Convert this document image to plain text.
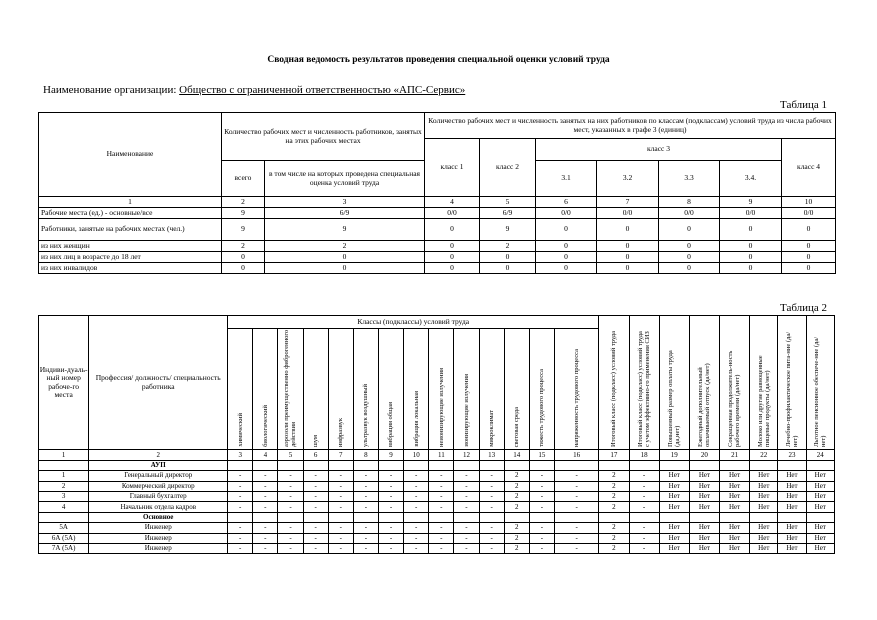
Сводная ведомость результатов проведения специальной оценки условий труда
Наименование организации: Общество с ограниченной ответственностью «АПС-Сервис»
Таблица 1
Наименование	Количество рабочих мест и численность работников, занятых на этих рабочих местах		Количество рабочих мест и численность занятых на них работников по классам (подклассам) условий труда из числа рабочих мест, указанных в графе 3 (единиц)						
			класс 1	класс 2	класс 3				класс 4
	всего	в том числе на которых проведена специальная оценка условий труда			3.1	3.2	3.3	3.4.	
1	2	3	4	5	6	7	8	9	10
Рабочие места (ед.) - основные/все	9	6/9	0/0	6/9	0/0	0/0	0/0	0/0	0/0
Работники, занятые на рабочих местах (чел.)	9	9	0	9	0	0	0	0	0
из них женщин	2	2	0	2	0	0	0	0	0
из них лиц в возрасте до 18 лет	0	0	0	0	0	0	0	0	0
из них инвалидов	0	0	0	0	0	0	0	0	0
Таблица 2
Индиви-дуаль-ный номер рабоче-го места	Профессия/ должность/ специальность работника	Классы (подклассы) условий труда														Итоговый класс (подкласс) условий труда	Итоговый класс (подкласс) условий труда с учетом эффективно-го применения СИЗ	Повышенный размер оплаты труда (да,нет)	Ежегодный дополнительный оплачиваемый отпуск (да/нет)	Сокращенная продолжитель-ность рабочего времени (да/нет)	Молоко или другие равноценные пищевые продукты (да/нет)	Лечебно-профилактическое пита-ние (да/нет)	Льготное пенсионное обеспече-ние (да/нет)
		химический	биологический	аэрозоли преимущественно фиброгенного действия	шум	инфразвук	ультразвук воздушный	вибрация общая	вибрация локальная	неионизирующие излучения	ионизирующие излучения	микроклимат	световая среда	тяжесть трудового процесса	напряженность трудового процесса								
1	2	3	4	5	6	7	8	9	10	11	12	13	14	15	16	17	18	19	20	21	22	23	24
	АУП																						
1	Генеральный директор	-	-	-	-	-	-	-	-	-	-	-	2	-	-	2	-	Нет	Нет	Нет	Нет	Нет	Нет
2	Коммерческий директор	-	-	-	-	-	-	-	-	-	-	-	2	-	-	2	-	Нет	Нет	Нет	Нет	Нет	Нет
3	Главный бухгалтер	-	-	-	-	-	-	-	-	-	-	-	2	-	-	2	-	Нет	Нет	Нет	Нет	Нет	Нет
4	Начальник отдела кадров	-	-	-	-	-	-	-	-	-	-	-	2	-	-	2	-	Нет	Нет	Нет	Нет	Нет	Нет
	Основное																						
5А	Инженер	-	-	-	-	-	-	-	-	-	-	-	2	-	-	2	-	Нет	Нет	Нет	Нет	Нет	Нет
6А (5А)	Инженер	-	-	-	-	-	-	-	-	-	-	-	2	-	-	2	-	Нет	Нет	Нет	Нет	Нет	Нет
7А (5А)	Инженер	-	-	-	-	-	-	-	-	-	-	-	2	-	-	2	-	Нет	Нет	Нет	Нет	Нет	Нет
